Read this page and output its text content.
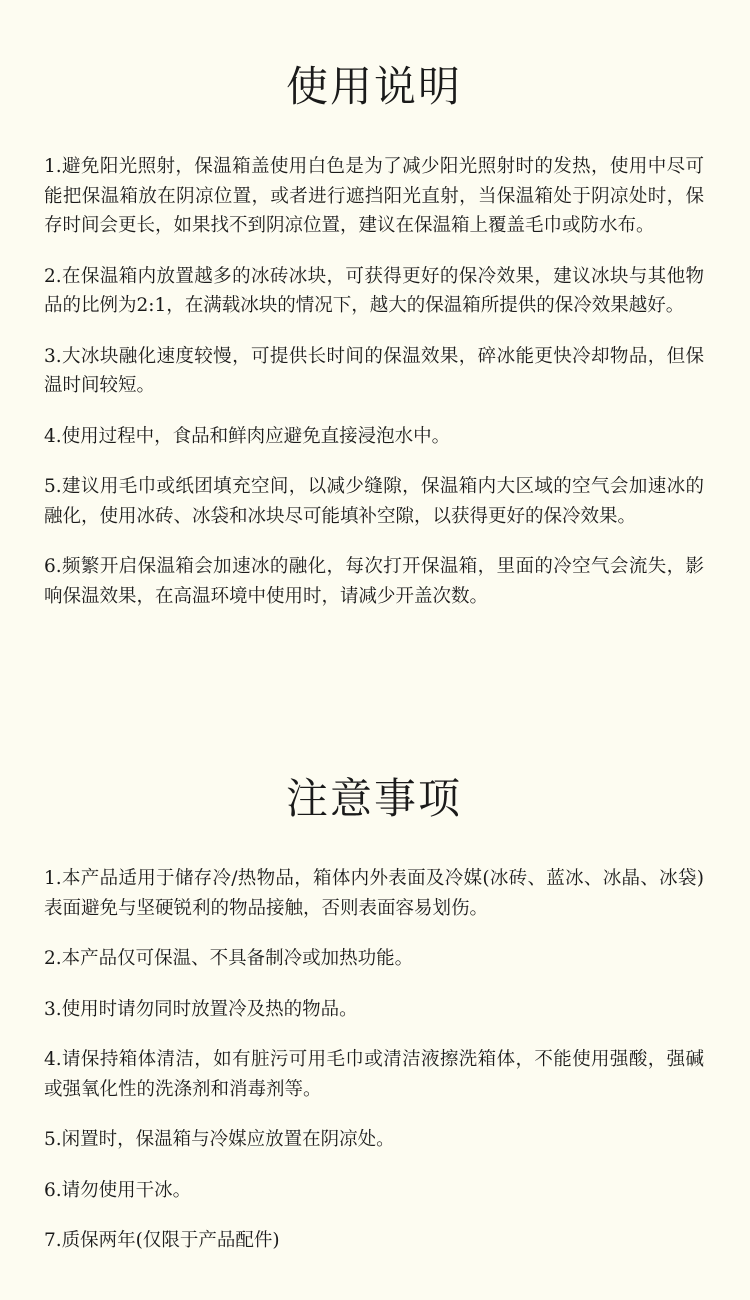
使用说明
1.避免阳光照射，保温箱盖使用白色是为了减少阳光照射时的发热，使用中尽可能把保温箱放在阴凉位置，或者进行遮挡阳光直射，当保温箱处于阴凉处时，保存时间会更长，如果找不到阴凉位置，建议在保温箱上覆盖毛巾或防水布。
2.在保温箱内放置越多的冰砖冰块，可获得更好的保冷效果，建议冰块与其他物品的比例为2:1，在满载冰块的情况下，越大的保温箱所提供的保冷效果越好。
3.大冰块融化速度较慢，可提供长时间的保温效果，碎冰能更快冷却物品，但保温时间较短。
4.使用过程中，食品和鲜肉应避免直接浸泡水中。
5.建议用毛巾或纸团填充空间，以减少缝隙，保温箱内大区域的空气会加速冰的融化，使用冰砖、冰袋和冰块尽可能填补空隙，以获得更好的保冷效果。
6.频繁开启保温箱会加速冰的融化，每次打开保温箱，里面的冷空气会流失，影响保温效果，在高温环境中使用时，请减少开盖次数。
注意事项
1.本产品适用于储存冷/热物品，箱体内外表面及冷媒(冰砖、蓝冰、冰晶、冰袋)表面避免与坚硬锐利的物品接触，否则表面容易划伤。
2.本产品仅可保温、不具备制冷或加热功能。
3.使用时请勿同时放置冷及热的物品。
4.请保持箱体清洁，如有脏污可用毛巾或清洁液擦洗箱体，不能使用强酸，强碱或强氧化性的洗涤剂和消毒剂等。
5.闲置时，保温箱与冷媒应放置在阴凉处。
6.请勿使用干冰。
7.质保两年(仅限于产品配件)
